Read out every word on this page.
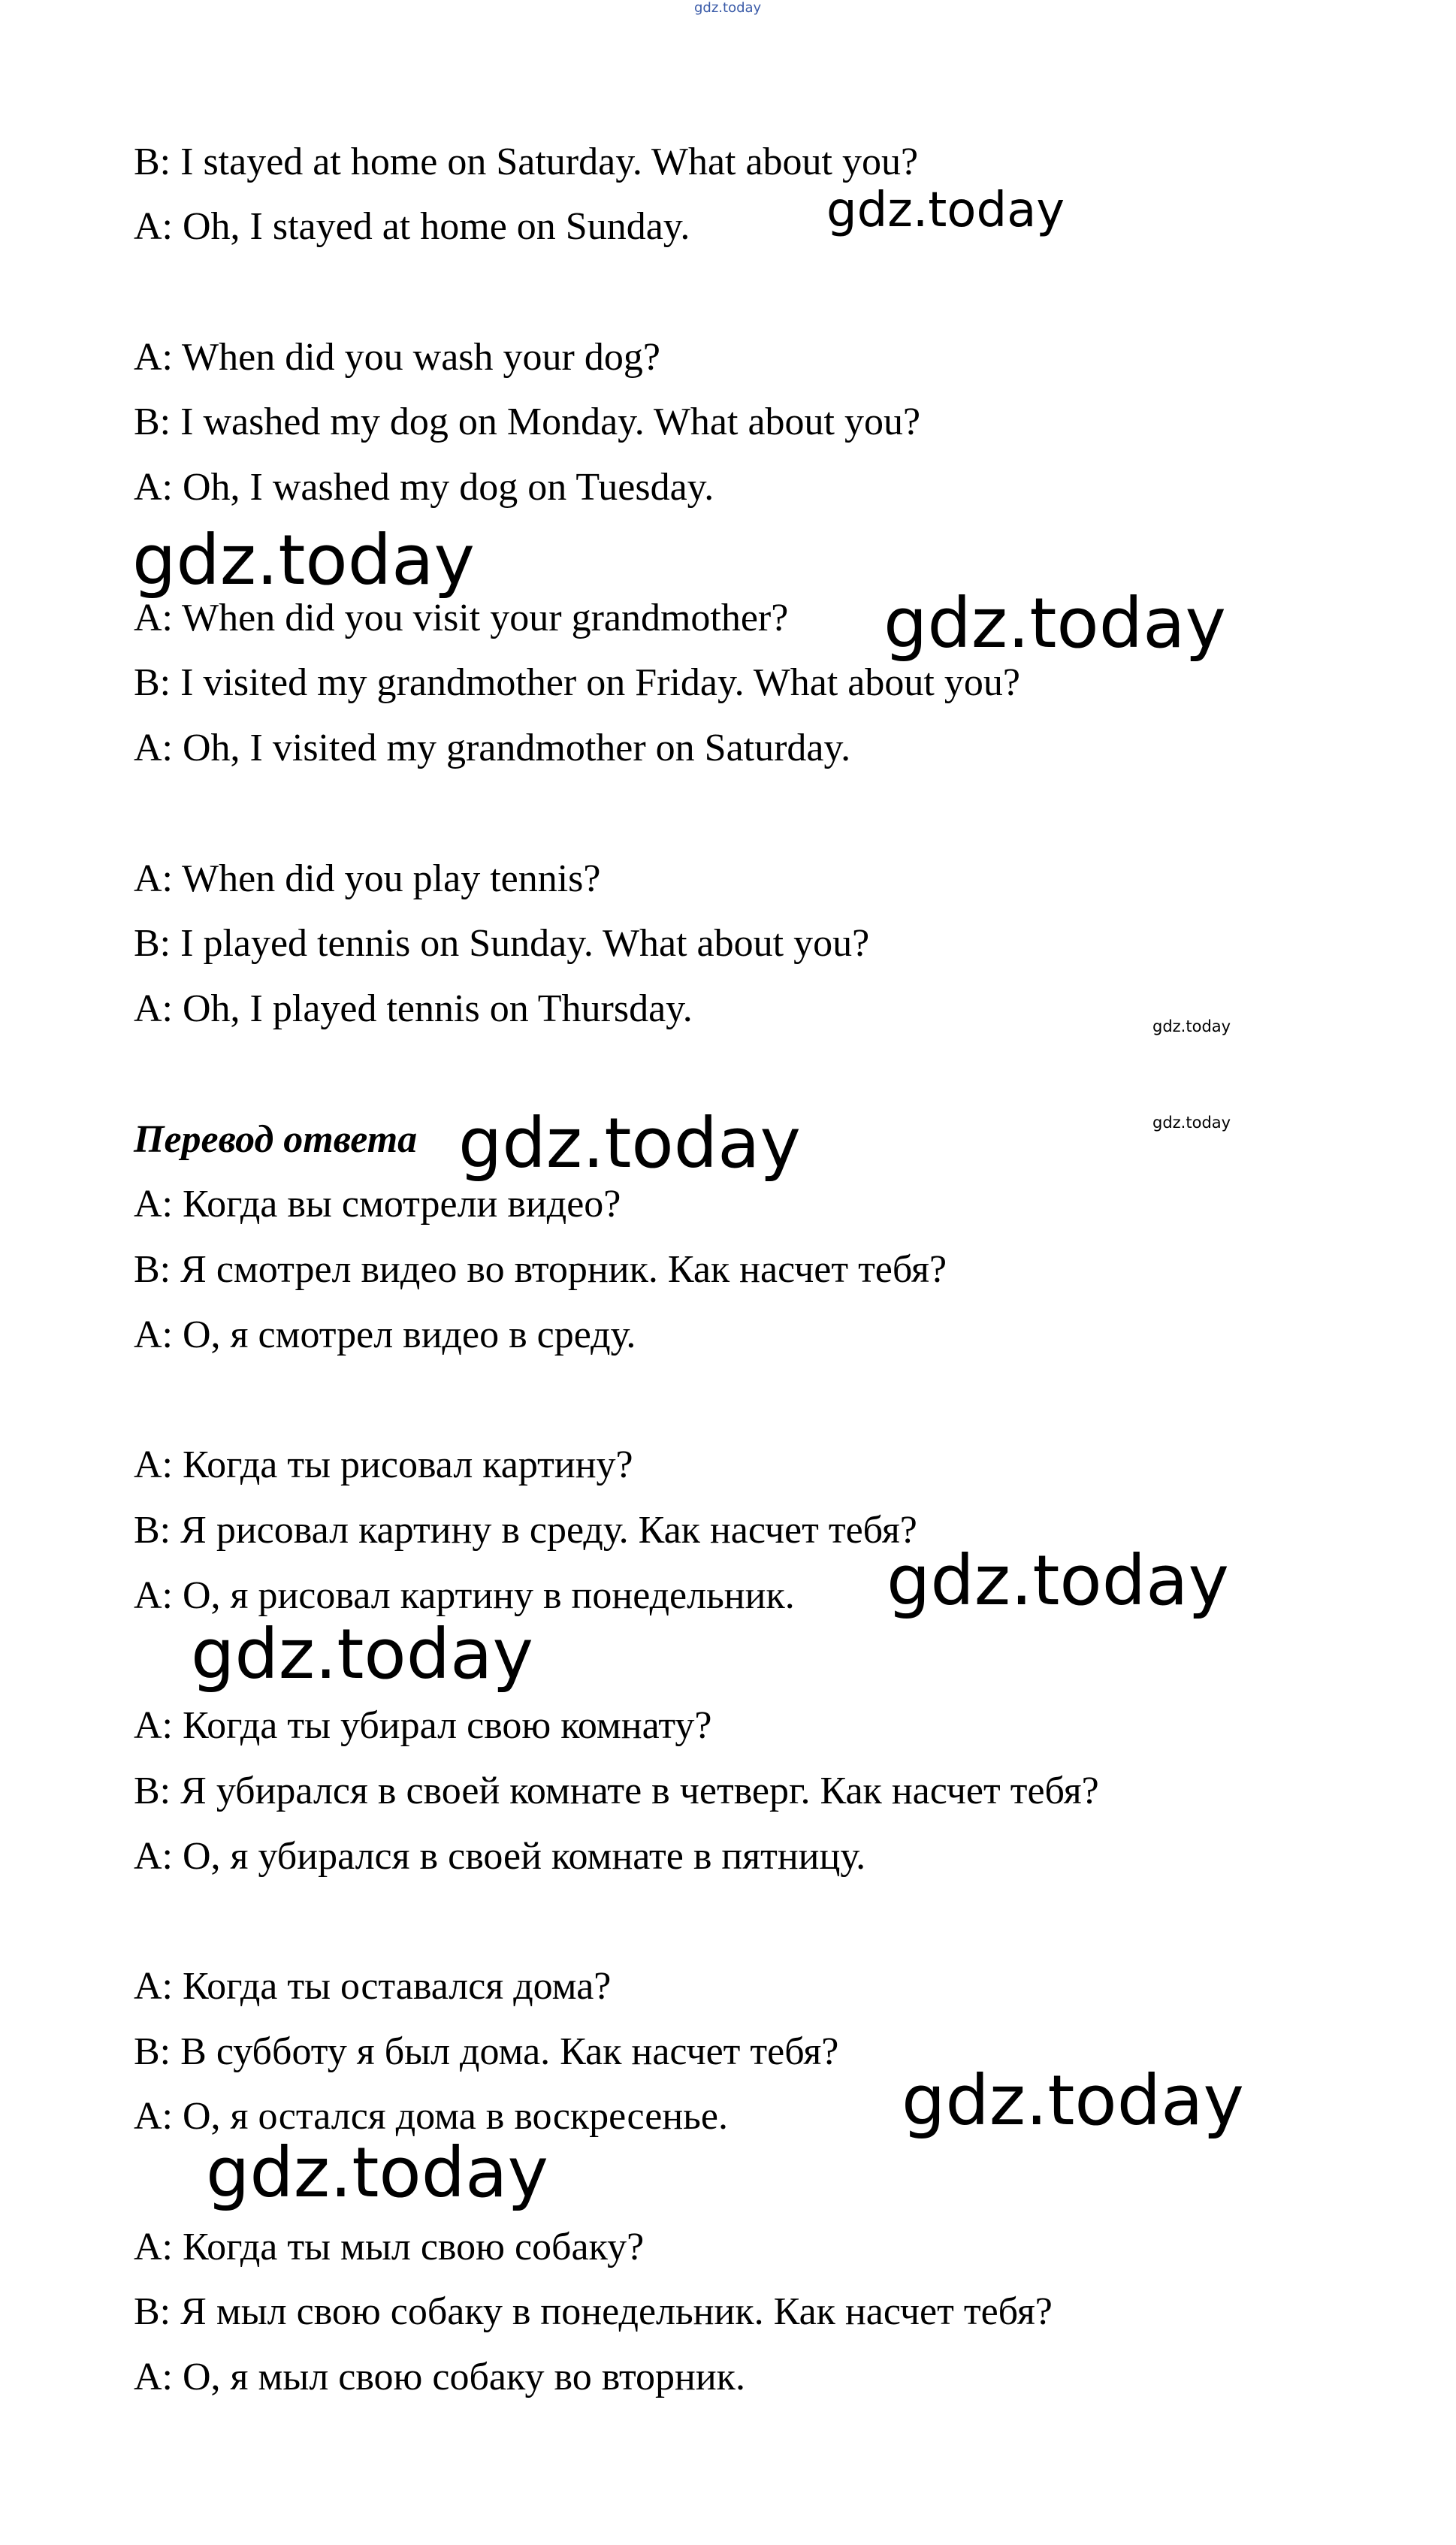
gdz.today
B: I stayed at home on Saturday. What about you?
A: Oh, I stayed at home on Sunday.
A: When did you wash your dog?
B: I washed my dog on Monday. What about you?
A: Oh, I washed my dog on Tuesday.
A: When did you visit your grandmother?
B: I visited my grandmother on Friday. What about you?
A: Oh, I visited my grandmother on Saturday.
A: When did you play tennis?
B: I played tennis on Sunday. What about you?
A: Oh, I played tennis on Thursday.
Перевод ответа
A: Когда вы смотрели видео?
B: Я смотрел видео во вторник. Как насчет тебя?
A: О, я смотрел видео в среду.
A: Когда ты рисовал картину?
B: Я рисовал картину в среду. Как насчет тебя?
A: О, я рисовал картину в понедельник.
A: Когда ты убирал свою комнату?
B: Я убирался в своей комнате в четверг. Как насчет тебя?
A: О, я убирался в своей комнате в пятницу.
A: Когда ты оставался дома?
B: В субботу я был дома. Как насчет тебя?
A: О, я остался дома в воскресенье.
A: Когда ты мыл свою собаку?
B: Я мыл свою собаку в понедельник. Как насчет тебя?
A: О, я мыл свою собаку во вторник.
gdz.today
gdz.today
gdz.today
gdz.today
gdz.today
gdz.today
gdz.today
gdz.today
gdz.today
gdz.today
